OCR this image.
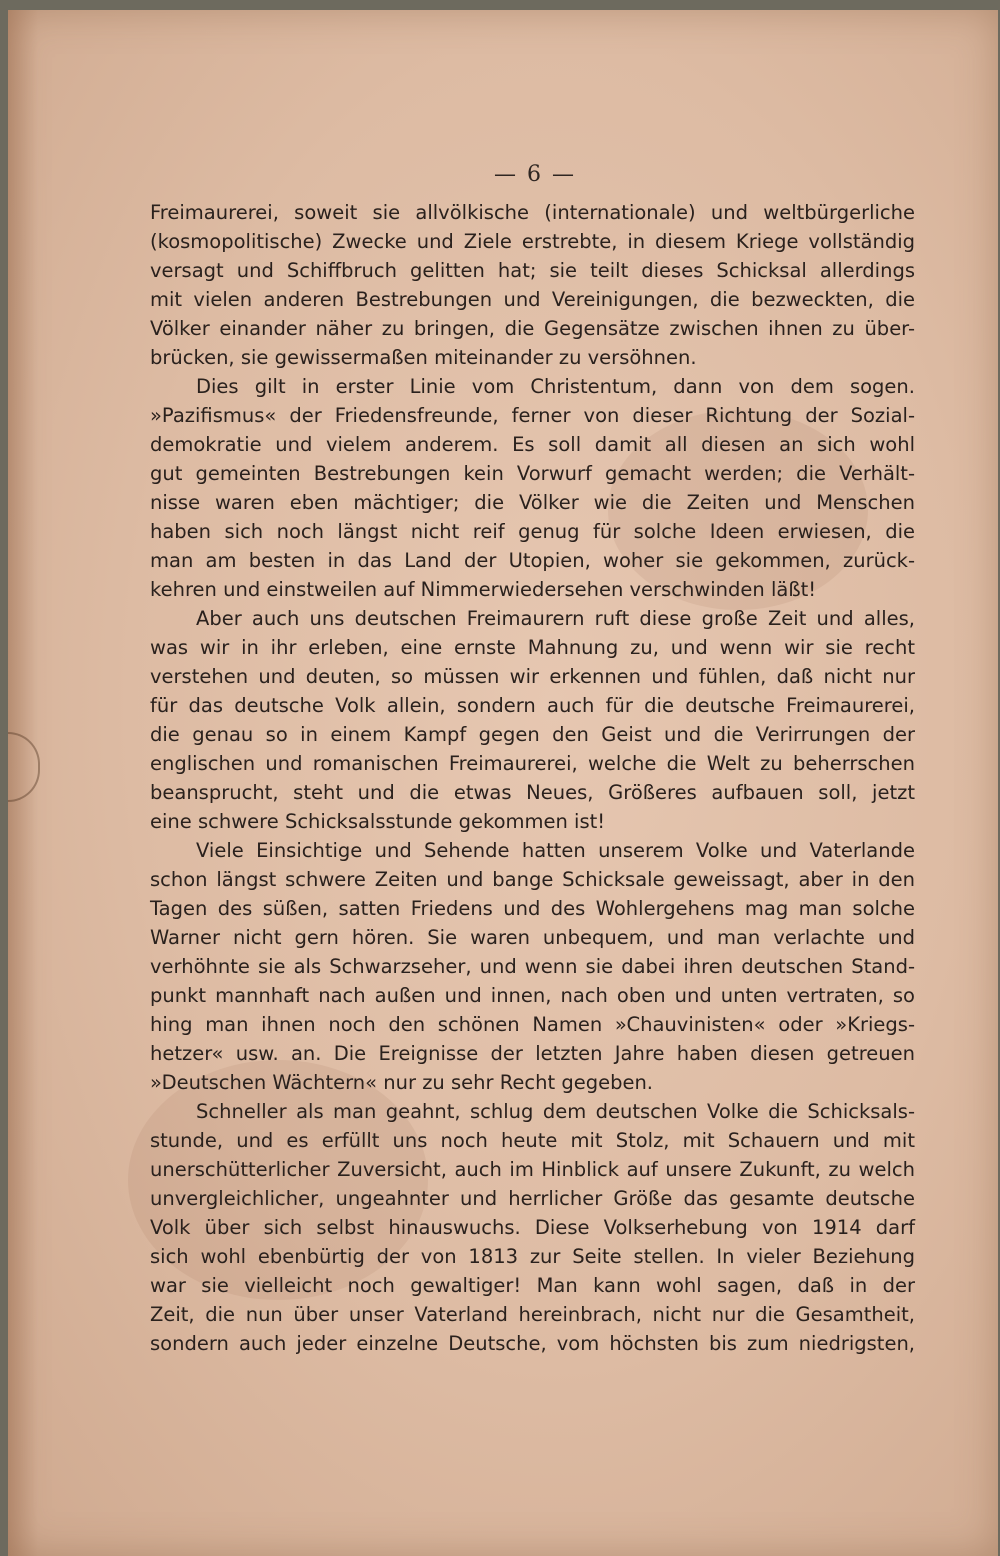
— 6 —
Freimaurerei, soweit sie allvölkische (internationale) und weltbürgerliche
(kosmopolitische) Zwecke und Ziele erstrebte, in diesem Kriege vollständig
versagt und Schiffbruch gelitten hat; sie teilt dieses Schicksal allerdings
mit vielen anderen Bestrebungen und Vereinigungen, die bezweckten, die
Völker einander näher zu bringen, die Gegensätze zwischen ihnen zu über-
brücken, sie gewissermaßen miteinander zu versöhnen.
Dies gilt in erster Linie vom Christentum, dann von dem sogen.
»Pazifismus« der Friedensfreunde, ferner von dieser Richtung der Sozial-
demokratie und vielem anderem. Es soll damit all diesen an sich wohl
gut gemeinten Bestrebungen kein Vorwurf gemacht werden; die Verhält-
nisse waren eben mächtiger; die Völker wie die Zeiten und Menschen
haben sich noch längst nicht reif genug für solche Ideen erwiesen, die
man am besten in das Land der Utopien, woher sie gekommen, zurück-
kehren und einstweilen auf Nimmerwiedersehen verschwinden läßt!
Aber auch uns deutschen Freimaurern ruft diese große Zeit und alles,
was wir in ihr erleben, eine ernste Mahnung zu, und wenn wir sie recht
verstehen und deuten, so müssen wir erkennen und fühlen, daß nicht nur
für das deutsche Volk allein, sondern auch für die deutsche Freimaurerei,
die genau so in einem Kampf gegen den Geist und die Verirrungen der
englischen und romanischen Freimaurerei, welche die Welt zu beherrschen
beansprucht, steht und die etwas Neues, Größeres aufbauen soll, jetzt
eine schwere Schicksalsstunde gekommen ist!
Viele Einsichtige und Sehende hatten unserem Volke und Vaterlande
schon längst schwere Zeiten und bange Schicksale geweissagt, aber in den
Tagen des süßen, satten Friedens und des Wohlergehens mag man solche
Warner nicht gern hören. Sie waren unbequem, und man verlachte und
verhöhnte sie als Schwarzseher, und wenn sie dabei ihren deutschen Stand-
punkt mannhaft nach außen und innen, nach oben und unten vertraten, so
hing man ihnen noch den schönen Namen »Chauvinisten« oder »Kriegs-
hetzer« usw. an. Die Ereignisse der letzten Jahre haben diesen getreuen
»Deutschen Wächtern« nur zu sehr Recht gegeben.
Schneller als man geahnt, schlug dem deutschen Volke die Schicksals-
stunde, und es erfüllt uns noch heute mit Stolz, mit Schauern und mit
unerschütterlicher Zuversicht, auch im Hinblick auf unsere Zukunft, zu welch
unvergleichlicher, ungeahnter und herrlicher Größe das gesamte deutsche
Volk über sich selbst hinauswuchs. Diese Volkserhebung von 1914 darf
sich wohl ebenbürtig der von 1813 zur Seite stellen. In vieler Beziehung
war sie vielleicht noch gewaltiger! Man kann wohl sagen, daß in der
Zeit, die nun über unser Vaterland hereinbrach, nicht nur die Gesamtheit,
sondern auch jeder einzelne Deutsche, vom höchsten bis zum niedrigsten,
